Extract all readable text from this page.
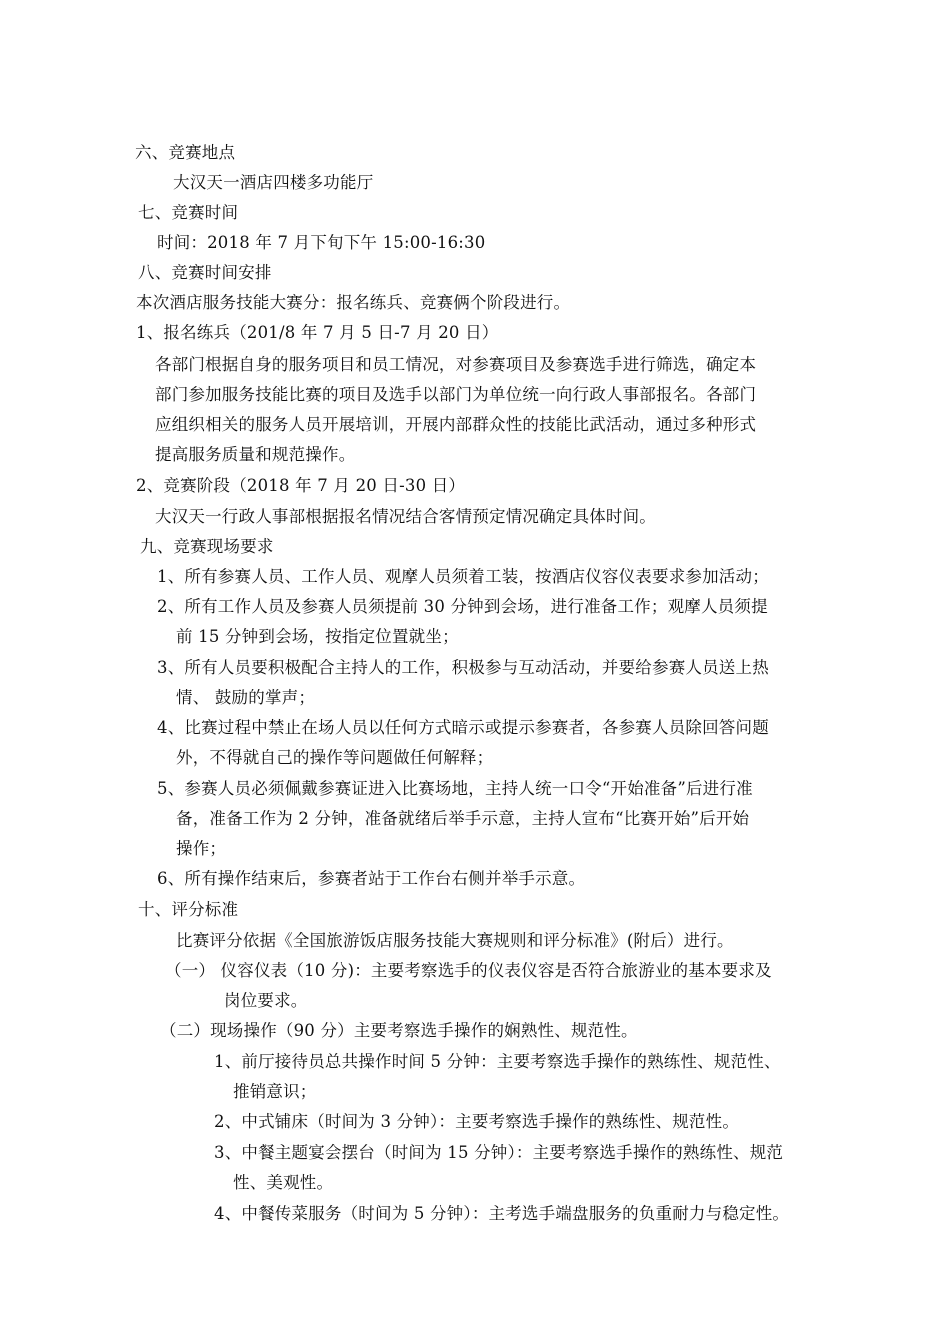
六、竞赛地点
大汉天一酒店四楼多功能厅
七、竞赛时间
时间：2018 年 7 月下旬下午 15:00-16:30
八、竞赛时间安排
本次酒店服务技能大赛分：报名练兵、竞赛俩个阶段进行。
1、报名练兵（201/8 年 7 月 5 日-7 月 20 日）
各部门根据自身的服务项目和员工情况，对参赛项目及参赛选手进行筛选，确定本
部门参加服务技能比赛的项目及选手以部门为单位统一向行政人事部报名。各部门
应组织相关的服务人员开展培训，开展内部群众性的技能比武活动，通过多种形式
提高服务质量和规范操作。
2、竞赛阶段（2018 年 7 月 20 日-30 日）
大汉天一行政人事部根据报名情况结合客情预定情况确定具体时间。
九、竞赛现场要求
1、所有参赛人员、工作人员、观摩人员须着工装，按酒店仪容仪表要求参加活动；
2、所有工作人员及参赛人员须提前 30 分钟到会场，进行准备工作；观摩人员须提
前 15 分钟到会场，按指定位置就坐；
3、所有人员要积极配合主持人的工作，积极参与互动活动，并要给参赛人员送上热
情、 鼓励的掌声；
4、比赛过程中禁止在场人员以任何方式暗示或提示参赛者，各参赛人员除回答问题
外，不得就自己的操作等问题做任何解释；
5、参赛人员必须佩戴参赛证进入比赛场地，主持人统一口令“开始准备”后进行准
备，准备工作为 2 分钟，准备就绪后举手示意，主持人宣布“比赛开始”后开始
操作；
6、所有操作结束后，参赛者站于工作台右侧并举手示意。
十、评分标准
比赛评分依据《全国旅游饭店服务技能大赛规则和评分标准》(附后）进行。
（一） 仪容仪表（10 分)：主要考察选手的仪表仪容是否符合旅游业的基本要求及
岗位要求。
（二）现场操作（90 分）主要考察选手操作的娴熟性、规范性。
1、前厅接待员总共操作时间 5 分钟：主要考察选手操作的熟练性、规范性、
推销意识；
2、中式铺床（时间为 3 分钟）：主要考察选手操作的熟练性、规范性。
3、中餐主题宴会摆台（时间为 15 分钟）：主要考察选手操作的熟练性、规范
性、美观性。
4、中餐传菜服务（时间为 5 分钟）：主考选手端盘服务的负重耐力与稳定性。
